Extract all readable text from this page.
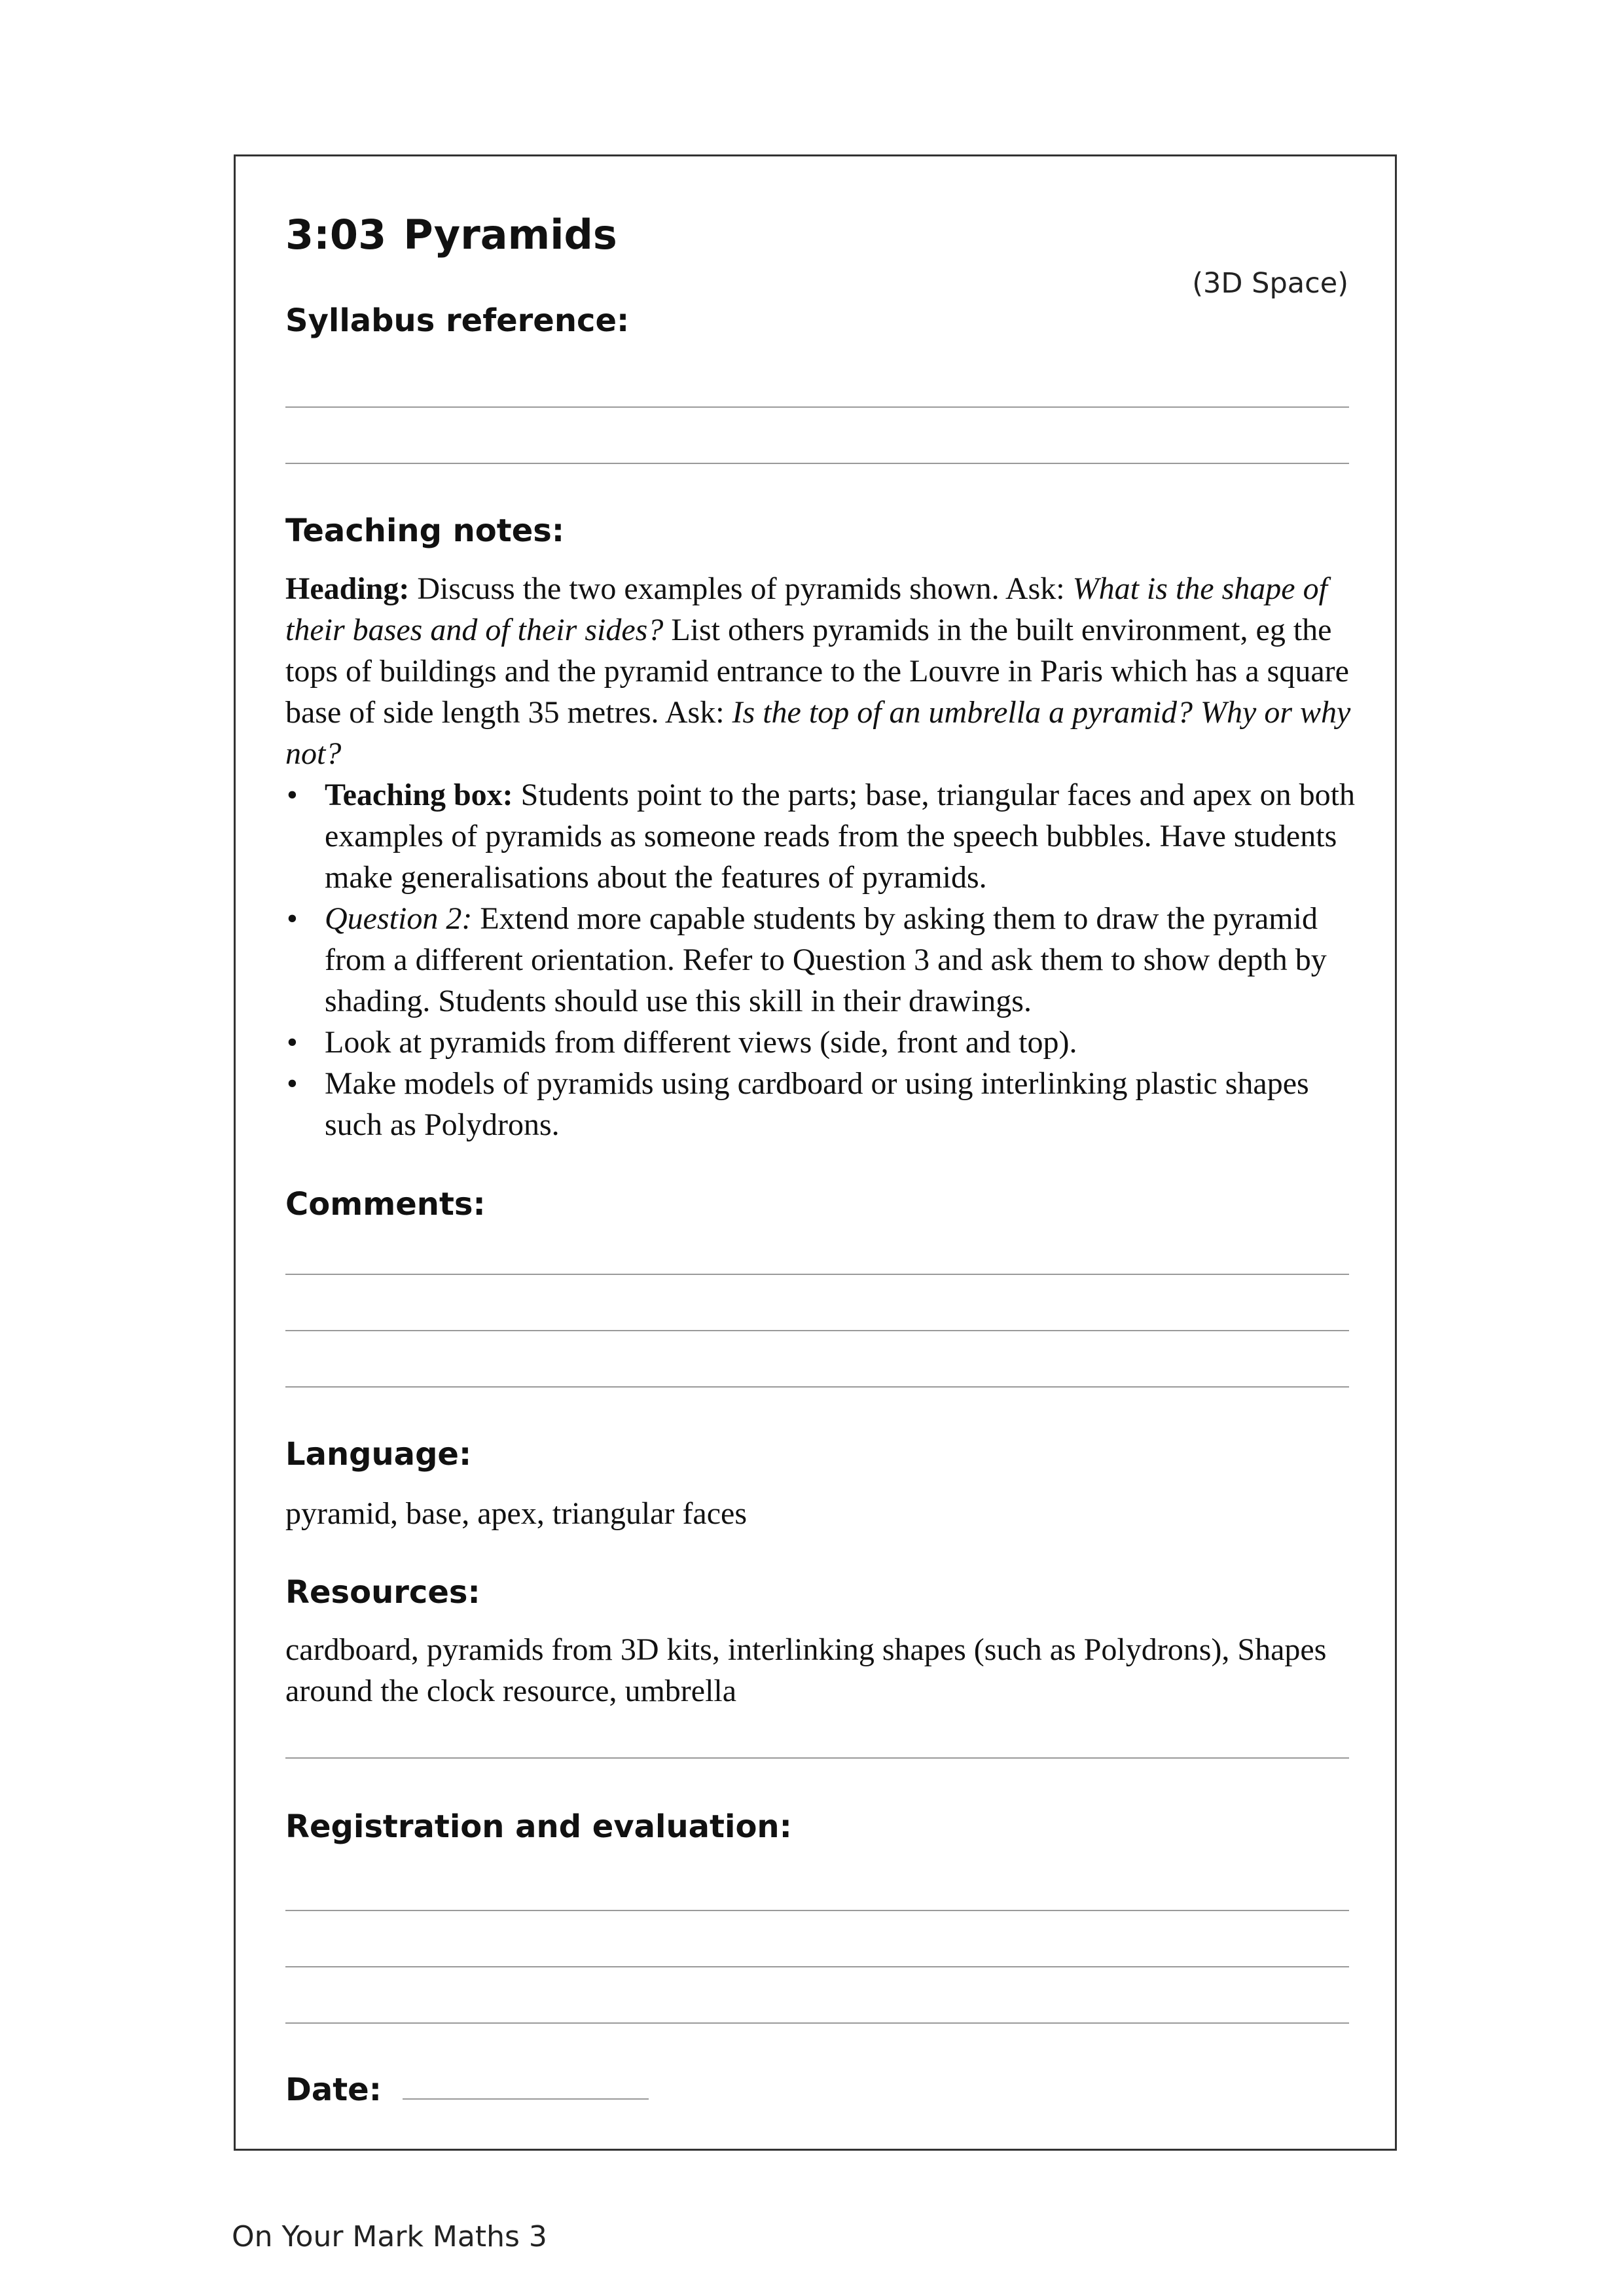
3:03 Pyramids
(3D Space)
Syllabus reference:
Teaching notes:

Heading: Discuss the two examples of pyramids shown. Ask: What is the shape of their bases and of their sides? List others pyramids in the built environment, eg the tops of buildings and the pyramid entrance to the Louvre in Paris which has a square base of side length 35 metres. Ask: Is the top of an umbrella a pyramid? Why or why not?

• Teaching box: Students point to the parts; base, triangular faces and apex on both examples of pyramids as someone reads from the speech bubbles. Have students make generalisations about the features of pyramids.
• Question 2: Extend more capable students by asking them to draw the pyramid from a different orientation. Refer to Question 3 and ask them to show depth by shading. Students should use this skill in their drawings.
• Look at pyramids from different views (side, front and top).
• Make models of pyramids using cardboard or using interlinking plastic shapes such as Polydrons.
Comments:
Language:
pyramid, base, apex, triangular faces
Resources:
cardboard, pyramids from 3D kits, interlinking shapes (such as Polydrons), Shapes around the clock resource, umbrella
Registration and evaluation:
Date:
On Your Mark Maths 3
